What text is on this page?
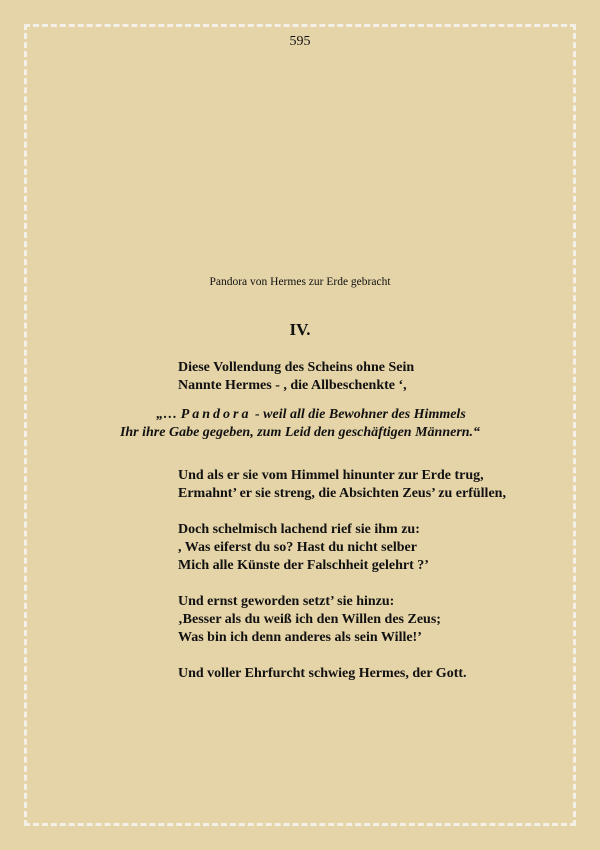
595
Pandora von Hermes zur Erde gebracht
IV.
Diese Vollendung des Scheins ohne Sein
Nannte Hermes - , die Allbeschenkte ‘,
Und als er sie vom Himmel hinunter zur Erde trug,
Ermahnt’ er sie streng, die Absichten Zeus’ zu erfüllen,
Doch schelmisch lachend rief sie ihm zu:
, Was eiferst du so? Hast du nicht selber
Mich alle Künste der Falschheit gelehrt ?’
Und ernst geworden setzt’ sie hinzu:
‚Besser als du weiß ich den Willen des Zeus;
Was bin ich denn anderes als sein Wille!’
Und voller Ehrfurcht schwieg Hermes, der Gott.
„… Pandora - weil all die Bewohner des Himmels
Ihr ihre Gabe gegeben, zum Leid den geschäftigen Männern.“
